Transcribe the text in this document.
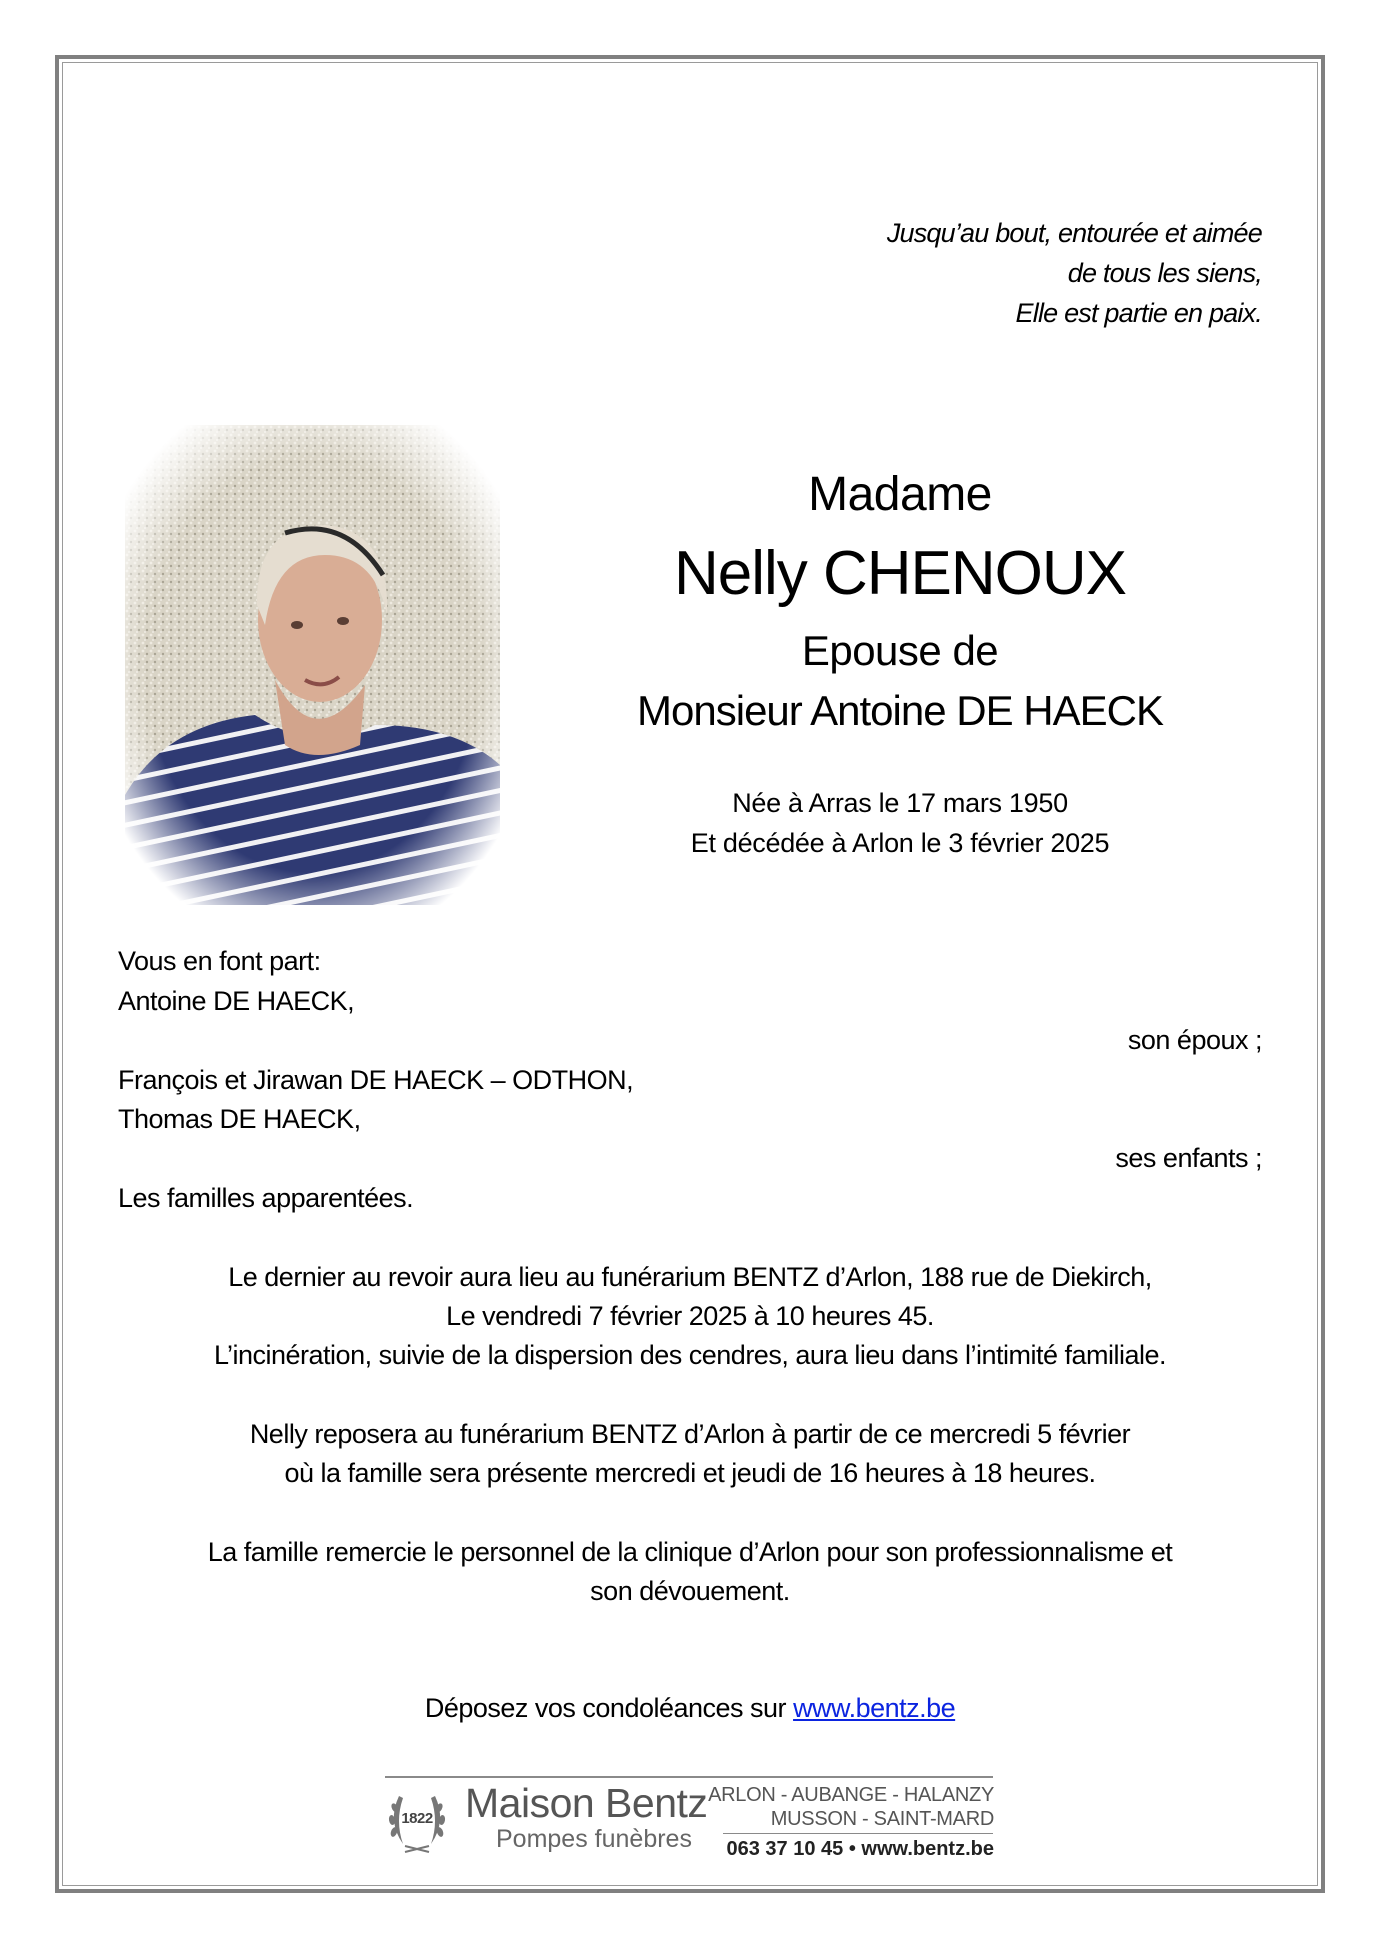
Jusqu’au bout, entourée et aimée
de tous les siens,
Elle est partie en paix.
Madame
Nelly CHENOUX
Epouse de
Monsieur Antoine DE HAECK
Née à Arras le 17 mars 1950
Et décédée à Arlon le 3 février 2025
Vous en font part:
Antoine DE HAECK,
son époux ;
François et Jirawan DE HAECK – ODTHON,
Thomas DE HAECK,
ses enfants ;
Les familles apparentées.
Le dernier au revoir aura lieu au funérarium BENTZ d’Arlon, 188 rue de Diekirch,
Le vendredi 7 février 2025 à 10 heures 45.
L’incinération, suivie de la dispersion des cendres, aura lieu dans l’intimité familiale.
Nelly reposera au funérarium BENTZ d’Arlon à partir de ce mercredi 5 février
où la famille sera présente mercredi et jeudi de 16 heures à 18 heures.
La famille remercie le personnel de la clinique d’Arlon pour son professionnalisme et
son dévouement.
Déposez vos condoléances sur www.bentz.be
1822 Maison Bentz
Pompes funèbres
ARLON - AUBANGE - HALANZY
MUSSON - SAINT-MARD
063 37 10 45 • www.bentz.be
